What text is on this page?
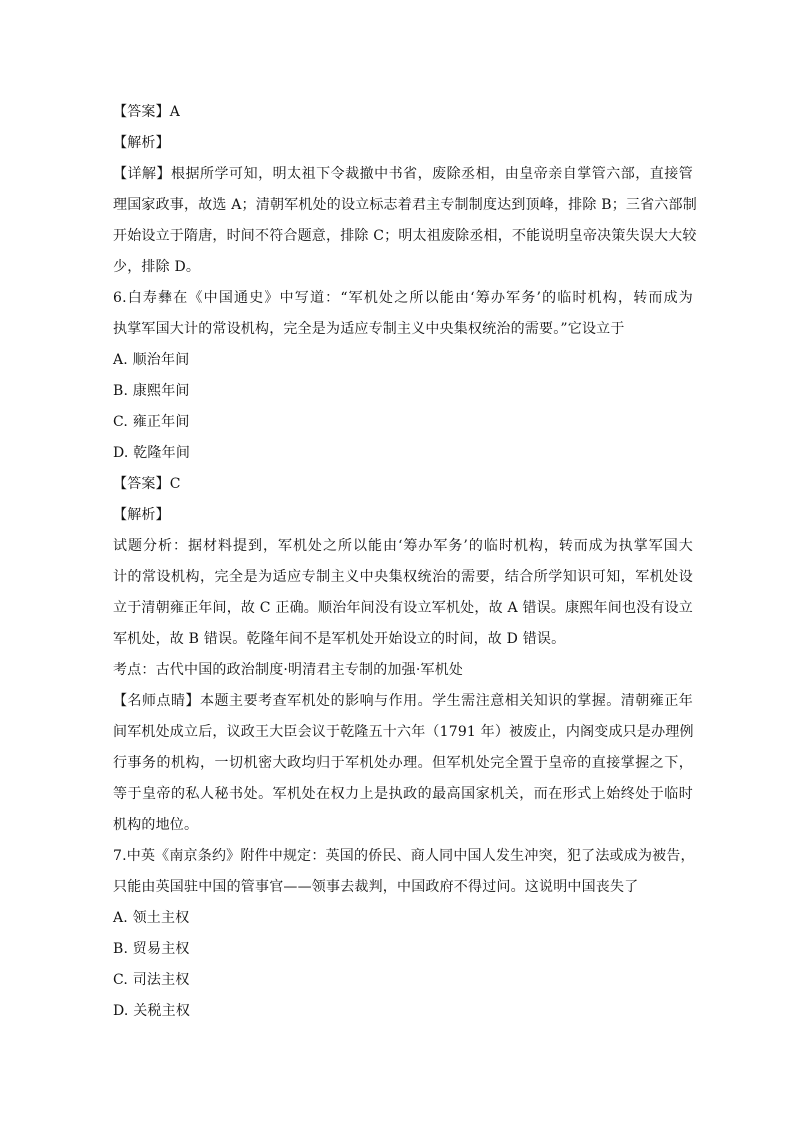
【答案】A
【解析】
【详解】根据所学可知，明太祖下令裁撤中书省，废除丞相，由皇帝亲自掌管六部，直接管
理国家政事，故选 A；清朝军机处的设立标志着君主专制制度达到顶峰，排除 B；三省六部制
开始设立于隋唐，时间不符合题意，排除 C；明太祖废除丞相，不能说明皇帝决策失误大大较
少，排除 D。
6.白寿彝在《中国通史》中写道：“军机处之所以能由‘筹办军务’的临时机构，转而成为
执掌军国大计的常设机构，完全是为适应专制主义中央集权统治的需要。”它设立于
A. 顺治年间
B. 康熙年间
C. 雍正年间
D. 乾隆年间
【答案】C
【解析】
试题分析：据材料提到，军机处之所以能由‘筹办军务’的临时机构，转而成为执掌军国大
计的常设机构，完全是为适应专制主义中央集权统治的需要，结合所学知识可知，军机处设
立于清朝雍正年间，故 C 正确。顺治年间没有设立军机处，故 A 错误。康熙年间也没有设立
军机处，故 B 错误。乾隆年间不是军机处开始设立的时间，故 D 错误。
考点：古代中国的政治制度·明清君主专制的加强·军机处
【名师点睛】本题主要考查军机处的影响与作用。学生需注意相关知识的掌握。清朝雍正年
间军机处成立后，议政王大臣会议于乾隆五十六年（1791 年）被废止，内阁变成只是办理例
行事务的机构，一切机密大政均归于军机处办理。但军机处完全置于皇帝的直接掌握之下，
等于皇帝的私人秘书处。军机处在权力上是执政的最高国家机关，而在形式上始终处于临时
机构的地位。
7.中英《南京条约》附件中规定：英国的侨民、商人同中国人发生冲突，犯了法或成为被告，
只能由英国驻中国的管事官——领事去裁判，中国政府不得过问。这说明中国丧失了
A. 领土主权
B. 贸易主权
C. 司法主权
D. 关税主权
